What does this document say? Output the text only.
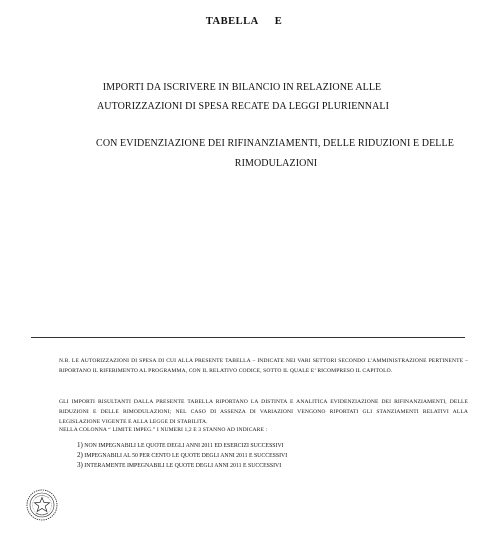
TABELLA E
IMPORTI DA ISCRIVERE IN BILANCIO IN RELAZIONE ALLE
AUTORIZZAZIONI DI SPESA RECATE DA LEGGI PLURIENNALI
CON EVIDENZIAZIONE DEI RIFINANZIAMENTI, DELLE RIDUZIONI E DELLE
RIMODULAZIONI
N.B. LE AUTORIZZAZIONI DI SPESA DI CUI ALLA PRESENTE TABELLA – INDICATE NEI VARI SETTORI SECONDO L’AMMINISTRAZIONE PERTINENTE – RIPORTANO IL RIFERIMENTO AL PROGRAMMA, CON IL RELATIVO CODICE, SOTTO IL QUALE E’ RICOMPRESO IL CAPITOLO.
GLI IMPORTI RISULTANTI DALLA PRESENTE TABELLA RIPORTANO LA DISTINTA E ANALITICA EVIDENZIAZIONE DEI RIFINANZIAMENTI, DELLE RIDUZIONI E DELLE RIMODULAZIONI; NEL CASO DI ASSENZA DI VARIAZIONI VENGONO RIPORTATI GLI STANZIAMENTI RELATIVI ALLA LEGISLAZIONE VIGENTE E ALLA LEGGE DI STABILITA.
NELLA COLONNA “ LIMITE IMPEG.” I NUMERI 1,2 E 3 STANNO AD INDICARE :
1) NON IMPEGNABILI LE QUOTE DEGLI ANNI 2011 ED ESERCIZI SUCCESSIVI
2) IMPEGNABILI AL 50 PER CENTO LE QUOTE DEGLI ANNI 2011 E SUCCESSIVI
3) INTERAMENTE IMPEGNABILI LE QUOTE DEGLI ANNI 2011 E SUCCESSIVI
